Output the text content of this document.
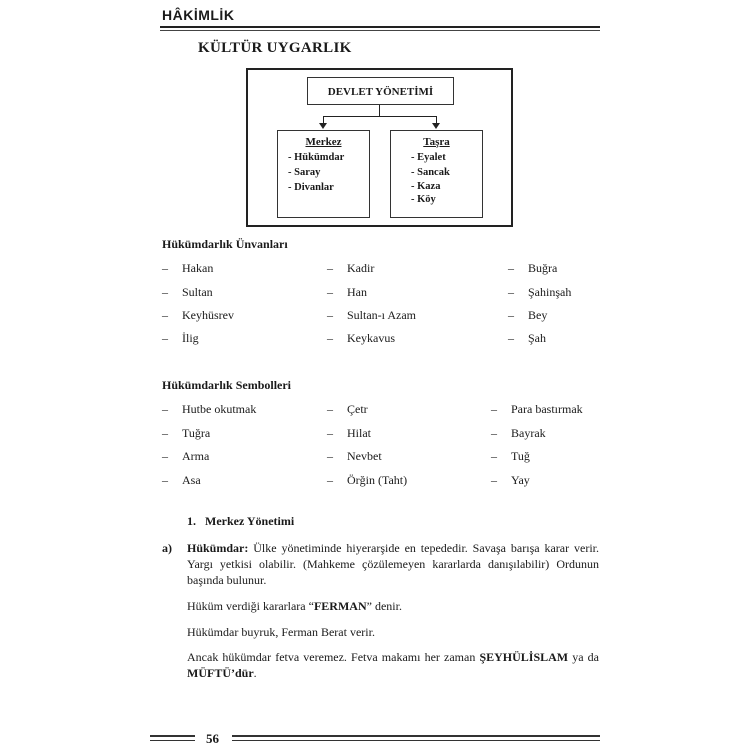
HÂKİMLİK
KÜLTÜR UYGARLIK
DEVLET YÖNETİMİ
Merkez
- Hükümdar
- Saray
- Divanlar
Taşra
- Eyalet
- Sancak
- Kaza
- Köy
Hükümdarlık Ünvanları
– Hakan
– Sultan
– Keyhüsrev
– İlig
– Kadir
– Han
– Sultan-ı Azam
– Keykavus
– Buğra
– Şahinşah
– Bey
– Şah
Hükümdarlık Sembolleri
– Hutbe okutmak
– Tuğra
– Arma
– Asa
– Çetr
– Hilat
– Nevbet
– Örğin (Taht)
– Para bastırmak
– Bayrak
– Tuğ
– Yay
1. Merkez Yönetimi
a) Hükümdar: Ülke yönetiminde hiyerarşide en tepededir. Savaşa barışa karar verir. Yargı yetkisi olabilir. (Mahkeme çözülemeyen kararlarda danışılabilir) Ordunun başında bulunur.
Hüküm verdiği kararlara “FERMAN” denir.
Hükümdar buyruk, Ferman Berat verir.
Ancak hükümdar fetva veremez. Fetva makamı her zaman ŞEYHÜLİSLAM ya da MÜFTÜ’dür.
56
